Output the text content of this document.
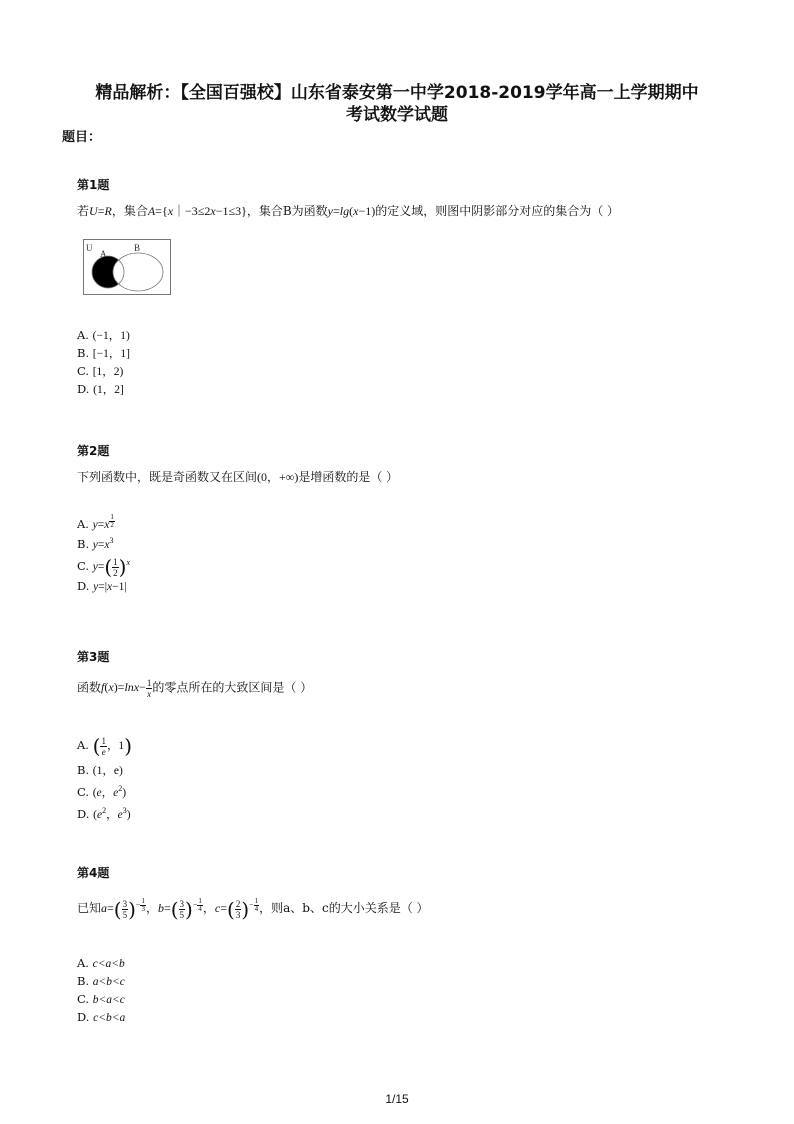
精品解析：【全国百强校】山东省泰安第一中学2018-2019学年高一上学期期中
考试数学试题
题目：
第1题
若U=R，集合A={x｜−3≤2x−1≤3}，集合B为函数y=lg(x−1)的定义域，则图中阴影部分对应的集合为（ ）
U
A
B
A. (−1，1)
B. [−1，1]
C. [1，2)
D. (1，2]
第2题
下列函数中，既是奇函数又在区间(0，+∞)是增函数的是（ ）
A. y=x $^{\frac{1}{2}}$
B. $y=x^3$
C. $y=( \frac{1}{2} )^x$
D. y=|x−1|
第3题
函数$f(x)=\ln x- \frac{1}{x}$ 的零点所在的大致区间是（ ）
A. ( $\frac{1}{e}$ ，1)
B. (1，e)
C. (e，$e^2$)
D. ($e^2$，$e^3$)
第4题
已知$a=( \frac{3}{5} )^{- \frac{1}{3}}$ ，$b=( \frac{3}{5} )^{- \frac{1}{4}}$ ，$c=( \frac{2}{3} )^{- \frac{1}{4}}$ ，则a、b、c的大小关系是（ ）
A. c<a<b
B. a<b<c
C. b<a<c
D. c<b<a
1/15
